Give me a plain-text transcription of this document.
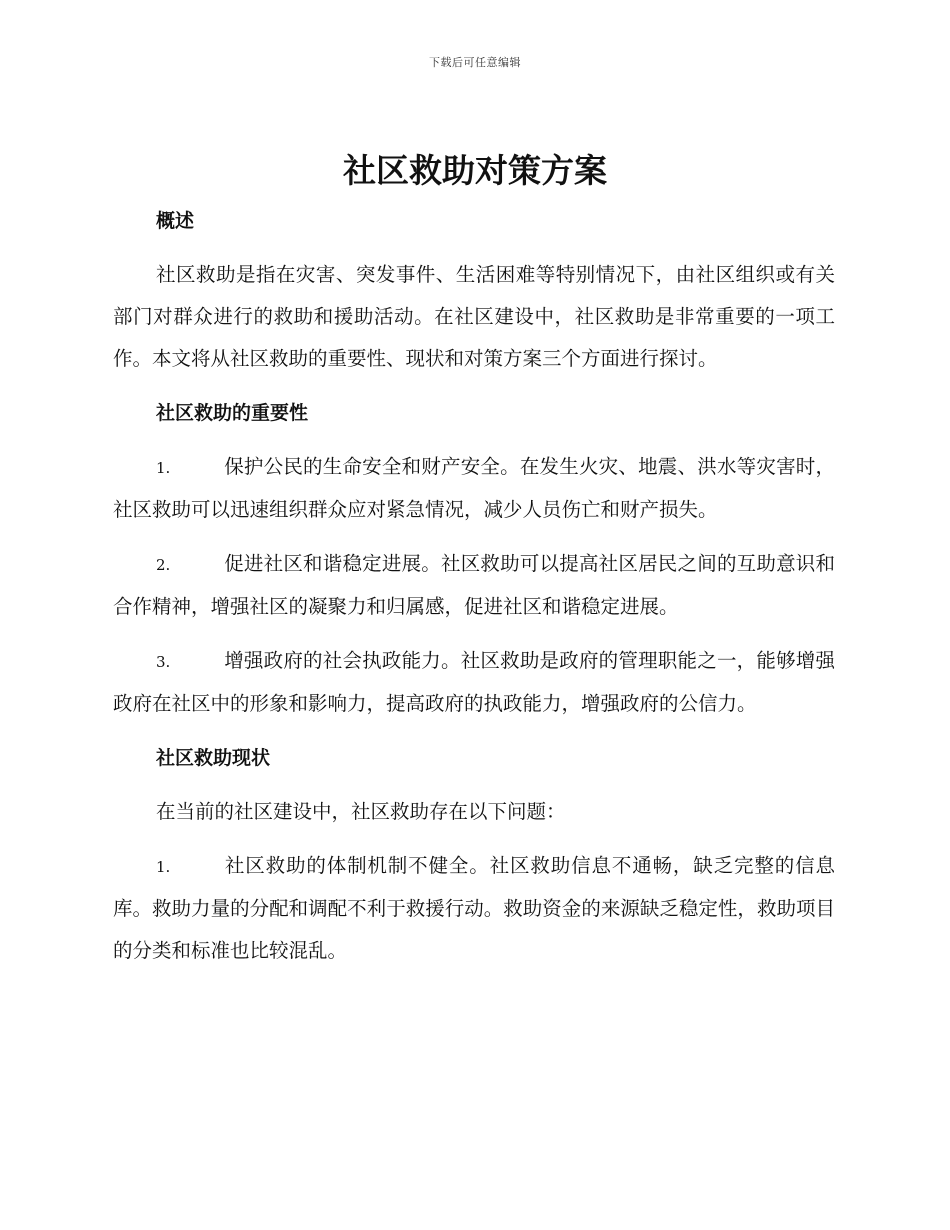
下载后可任意编辑
社区救助对策方案
概述

社区救助是指在灾害、突发事件、生活困难等特别情况下，由社区组织或有关部门对群众进行的救助和援助活动。在社区建设中，社区救助是非常重要的一项工作。本文将从社区救助的重要性、现状和对策方案三个方面进行探讨。

社区救助的重要性

1.	保护公民的生命安全和财产安全。在发生火灾、地震、洪水等灾害时，社区救助可以迅速组织群众应对紧急情况，减少人员伤亡和财产损失。

2.	促进社区和谐稳定进展。社区救助可以提高社区居民之间的互助意识和合作精神，增强社区的凝聚力和归属感，促进社区和谐稳定进展。

3.	增强政府的社会执政能力。社区救助是政府的管理职能之一，能够增强政府在社区中的形象和影响力，提高政府的执政能力，增强政府的公信力。

社区救助现状

在当前的社区建设中，社区救助存在以下问题：

1.	社区救助的体制机制不健全。社区救助信息不通畅，缺乏完整的信息库。救助力量的分配和调配不利于救援行动。救助资金的来源缺乏稳定性，救助项目的分类和标准也比较混乱。
